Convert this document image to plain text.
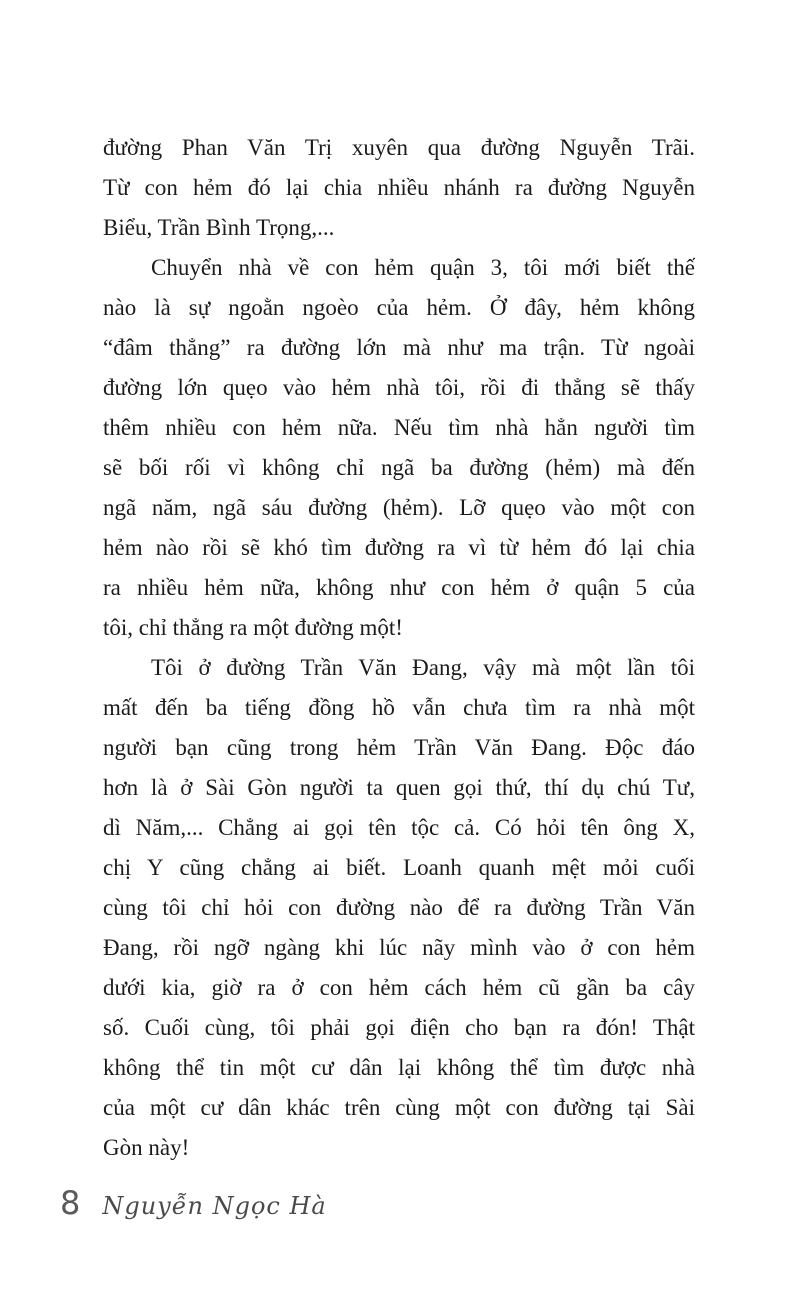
đường Phan Văn Trị xuyên qua đường Nguyễn Trãi.
Từ con hẻm đó lại chia nhiều nhánh ra đường Nguyễn
Biểu, Trần Bình Trọng,...
Chuyển nhà về con hẻm quận 3, tôi mới biết thế
nào là sự ngoằn ngoèo của hẻm. Ở đây, hẻm không
“đâm thẳng” ra đường lớn mà như ma trận. Từ ngoài
đường lớn quẹo vào hẻm nhà tôi, rồi đi thẳng sẽ thấy
thêm nhiều con hẻm nữa. Nếu tìm nhà hẳn người tìm
sẽ bối rối vì không chỉ ngã ba đường (hẻm) mà đến
ngã năm, ngã sáu đường (hẻm). Lỡ quẹo vào một con
hẻm nào rồi sẽ khó tìm đường ra vì từ hẻm đó lại chia
ra nhiều hẻm nữa, không như con hẻm ở quận 5 của
tôi, chỉ thẳng ra một đường một!
Tôi ở đường Trần Văn Đang, vậy mà một lần tôi
mất đến ba tiếng đồng hồ vẫn chưa tìm ra nhà một
người bạn cũng trong hẻm Trần Văn Đang. Độc đáo
hơn là ở Sài Gòn người ta quen gọi thứ, thí dụ chú Tư,
dì Năm,... Chẳng ai gọi tên tộc cả. Có hỏi tên ông X,
chị Y cũng chẳng ai biết. Loanh quanh mệt mỏi cuối
cùng tôi chỉ hỏi con đường nào để ra đường Trần Văn
Đang, rồi ngỡ ngàng khi lúc nãy mình vào ở con hẻm
dưới kia, giờ ra ở con hẻm cách hẻm cũ gần ba cây
số. Cuối cùng, tôi phải gọi điện cho bạn ra đón! Thật
không thể tin một cư dân lại không thể tìm được nhà
của một cư dân khác trên cùng một con đường tại Sài
Gòn này!
8 Nguyễn Ngọc Hà
